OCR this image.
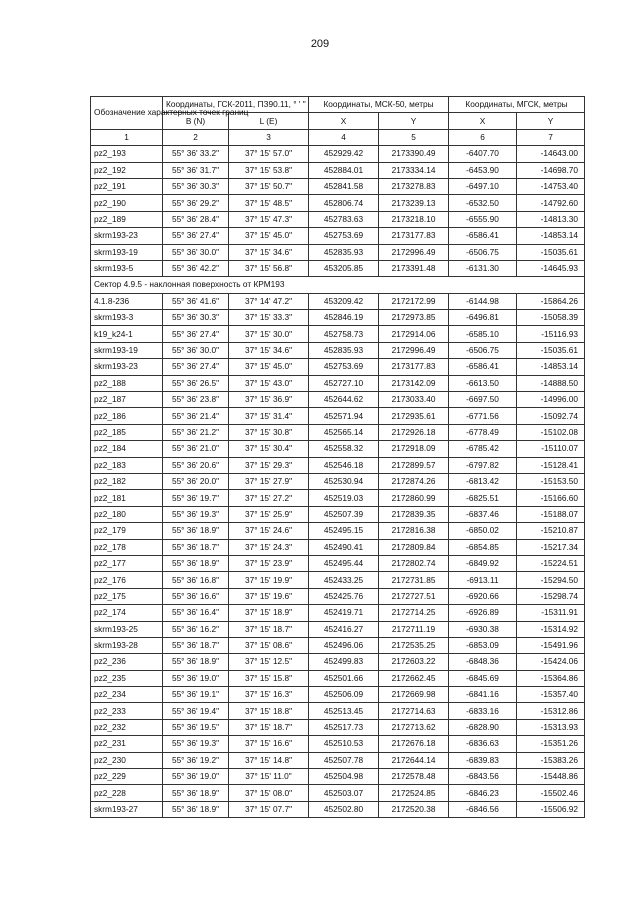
209
Обозначение характерных точек границ	Координаты, ГСК-2011, ПЗ90.11, ° ' "		Координаты, МСК-50, метры		Координаты, МГСК, метры	
	B (N)	L (E)	X	Y	X	Y
1	2	3	4	5	6	7
pz2_193	55° 36' 33.2"	37° 15' 57.0"	452929.42	2173390.49	-6407.70	-14643.00
pz2_192	55° 36' 31.7"	37° 15' 53.8"	452884.01	2173334.14	-6453.90	-14698.70
pz2_191	55° 36' 30.3"	37° 15' 50.7"	452841.58	2173278.83	-6497.10	-14753.40
pz2_190	55° 36' 29.2"	37° 15' 48.5"	452806.74	2173239.13	-6532.50	-14792.60
pz2_189	55° 36' 28.4"	37° 15' 47.3"	452783.63	2173218.10	-6555.90	-14813.30
skrm193-23	55° 36' 27.4"	37° 15' 45.0"	452753.69	2173177.83	-6586.41	-14853.14
skrm193-19	55° 36' 30.0"	37° 15' 34.6"	452835.93	2172996.49	-6506.75	-15035.61
skrm193-5	55° 36' 42.2"	37° 15' 56.8"	453205.85	2173391.48	-6131.30	-14645.93
Сектор 4.9.5 - наклонная поверхность от КРМ193						
4.1.8-236	55° 36' 41.6"	37° 14' 47.2"	453209.42	2172172.99	-6144.98	-15864.26
skrm193-3	55° 36' 30.3"	37° 15' 33.3"	452846.19	2172973.85	-6496.81	-15058.39
k19_k24-1	55° 36' 27.4"	37° 15' 30.0"	452758.73	2172914.06	-6585.10	-15116.93
skrm193-19	55° 36' 30.0"	37° 15' 34.6"	452835.93	2172996.49	-6506.75	-15035.61
skrm193-23	55° 36' 27.4"	37° 15' 45.0"	452753.69	2173177.83	-6586.41	-14853.14
pz2_188	55° 36' 26.5"	37° 15' 43.0"	452727.10	2173142.09	-6613.50	-14888.50
pz2_187	55° 36' 23.8"	37° 15' 36.9"	452644.62	2173033.40	-6697.50	-14996.00
pz2_186	55° 36' 21.4"	37° 15' 31.4"	452571.94	2172935.61	-6771.56	-15092.74
pz2_185	55° 36' 21.2"	37° 15' 30.8"	452565.14	2172926.18	-6778.49	-15102.08
pz2_184	55° 36' 21.0"	37° 15' 30.4"	452558.32	2172918.09	-6785.42	-15110.07
pz2_183	55° 36' 20.6"	37° 15' 29.3"	452546.18	2172899.57	-6797.82	-15128.41
pz2_182	55° 36' 20.0"	37° 15' 27.9"	452530.94	2172874.26	-6813.42	-15153.50
pz2_181	55° 36' 19.7"	37° 15' 27.2"	452519.03	2172860.99	-6825.51	-15166.60
pz2_180	55° 36' 19.3"	37° 15' 25.9"	452507.39	2172839.35	-6837.46	-15188.07
pz2_179	55° 36' 18.9"	37° 15' 24.6"	452495.15	2172816.38	-6850.02	-15210.87
pz2_178	55° 36' 18.7"	37° 15' 24.3"	452490.41	2172809.84	-6854.85	-15217.34
pz2_177	55° 36' 18.9"	37° 15' 23.9"	452495.44	2172802.74	-6849.92	-15224.51
pz2_176	55° 36' 16.8"	37° 15' 19.9"	452433.25	2172731.85	-6913.11	-15294.50
pz2_175	55° 36' 16.6"	37° 15' 19.6"	452425.76	2172727.51	-6920.66	-15298.74
pz2_174	55° 36' 16.4"	37° 15' 18.9"	452419.71	2172714.25	-6926.89	-15311.91
skrm193-25	55° 36' 16.2"	37° 15' 18.7"	452416.27	2172711.19	-6930.38	-15314.92
skrm193-28	55° 36' 18.7"	37° 15' 08.6"	452496.06	2172535.25	-6853.09	-15491.96
pz2_236	55° 36' 18.9"	37° 15' 12.5"	452499.83	2172603.22	-6848.36	-15424.06
pz2_235	55° 36' 19.0"	37° 15' 15.8"	452501.66	2172662.45	-6845.69	-15364.86
pz2_234	55° 36' 19.1"	37° 15' 16.3"	452506.09	2172669.98	-6841.16	-15357.40
pz2_233	55° 36' 19.4"	37° 15' 18.8"	452513.45	2172714.63	-6833.16	-15312.86
pz2_232	55° 36' 19.5"	37° 15' 18.7"	452517.73	2172713.62	-6828.90	-15313.93
pz2_231	55° 36' 19.3"	37° 15' 16.6"	452510.53	2172676.18	-6836.63	-15351.26
pz2_230	55° 36' 19.2"	37° 15' 14.8"	452507.78	2172644.14	-6839.83	-15383.26
pz2_229	55° 36' 19.0"	37° 15' 11.0"	452504.98	2172578.48	-6843.56	-15448.86
pz2_228	55° 36' 18.9"	37° 15' 08.0"	452503.07	2172524.85	-6846.23	-15502.46
skrm193-27	55° 36' 18.9"	37° 15' 07.7"	452502.80	2172520.38	-6846.56	-15506.92
